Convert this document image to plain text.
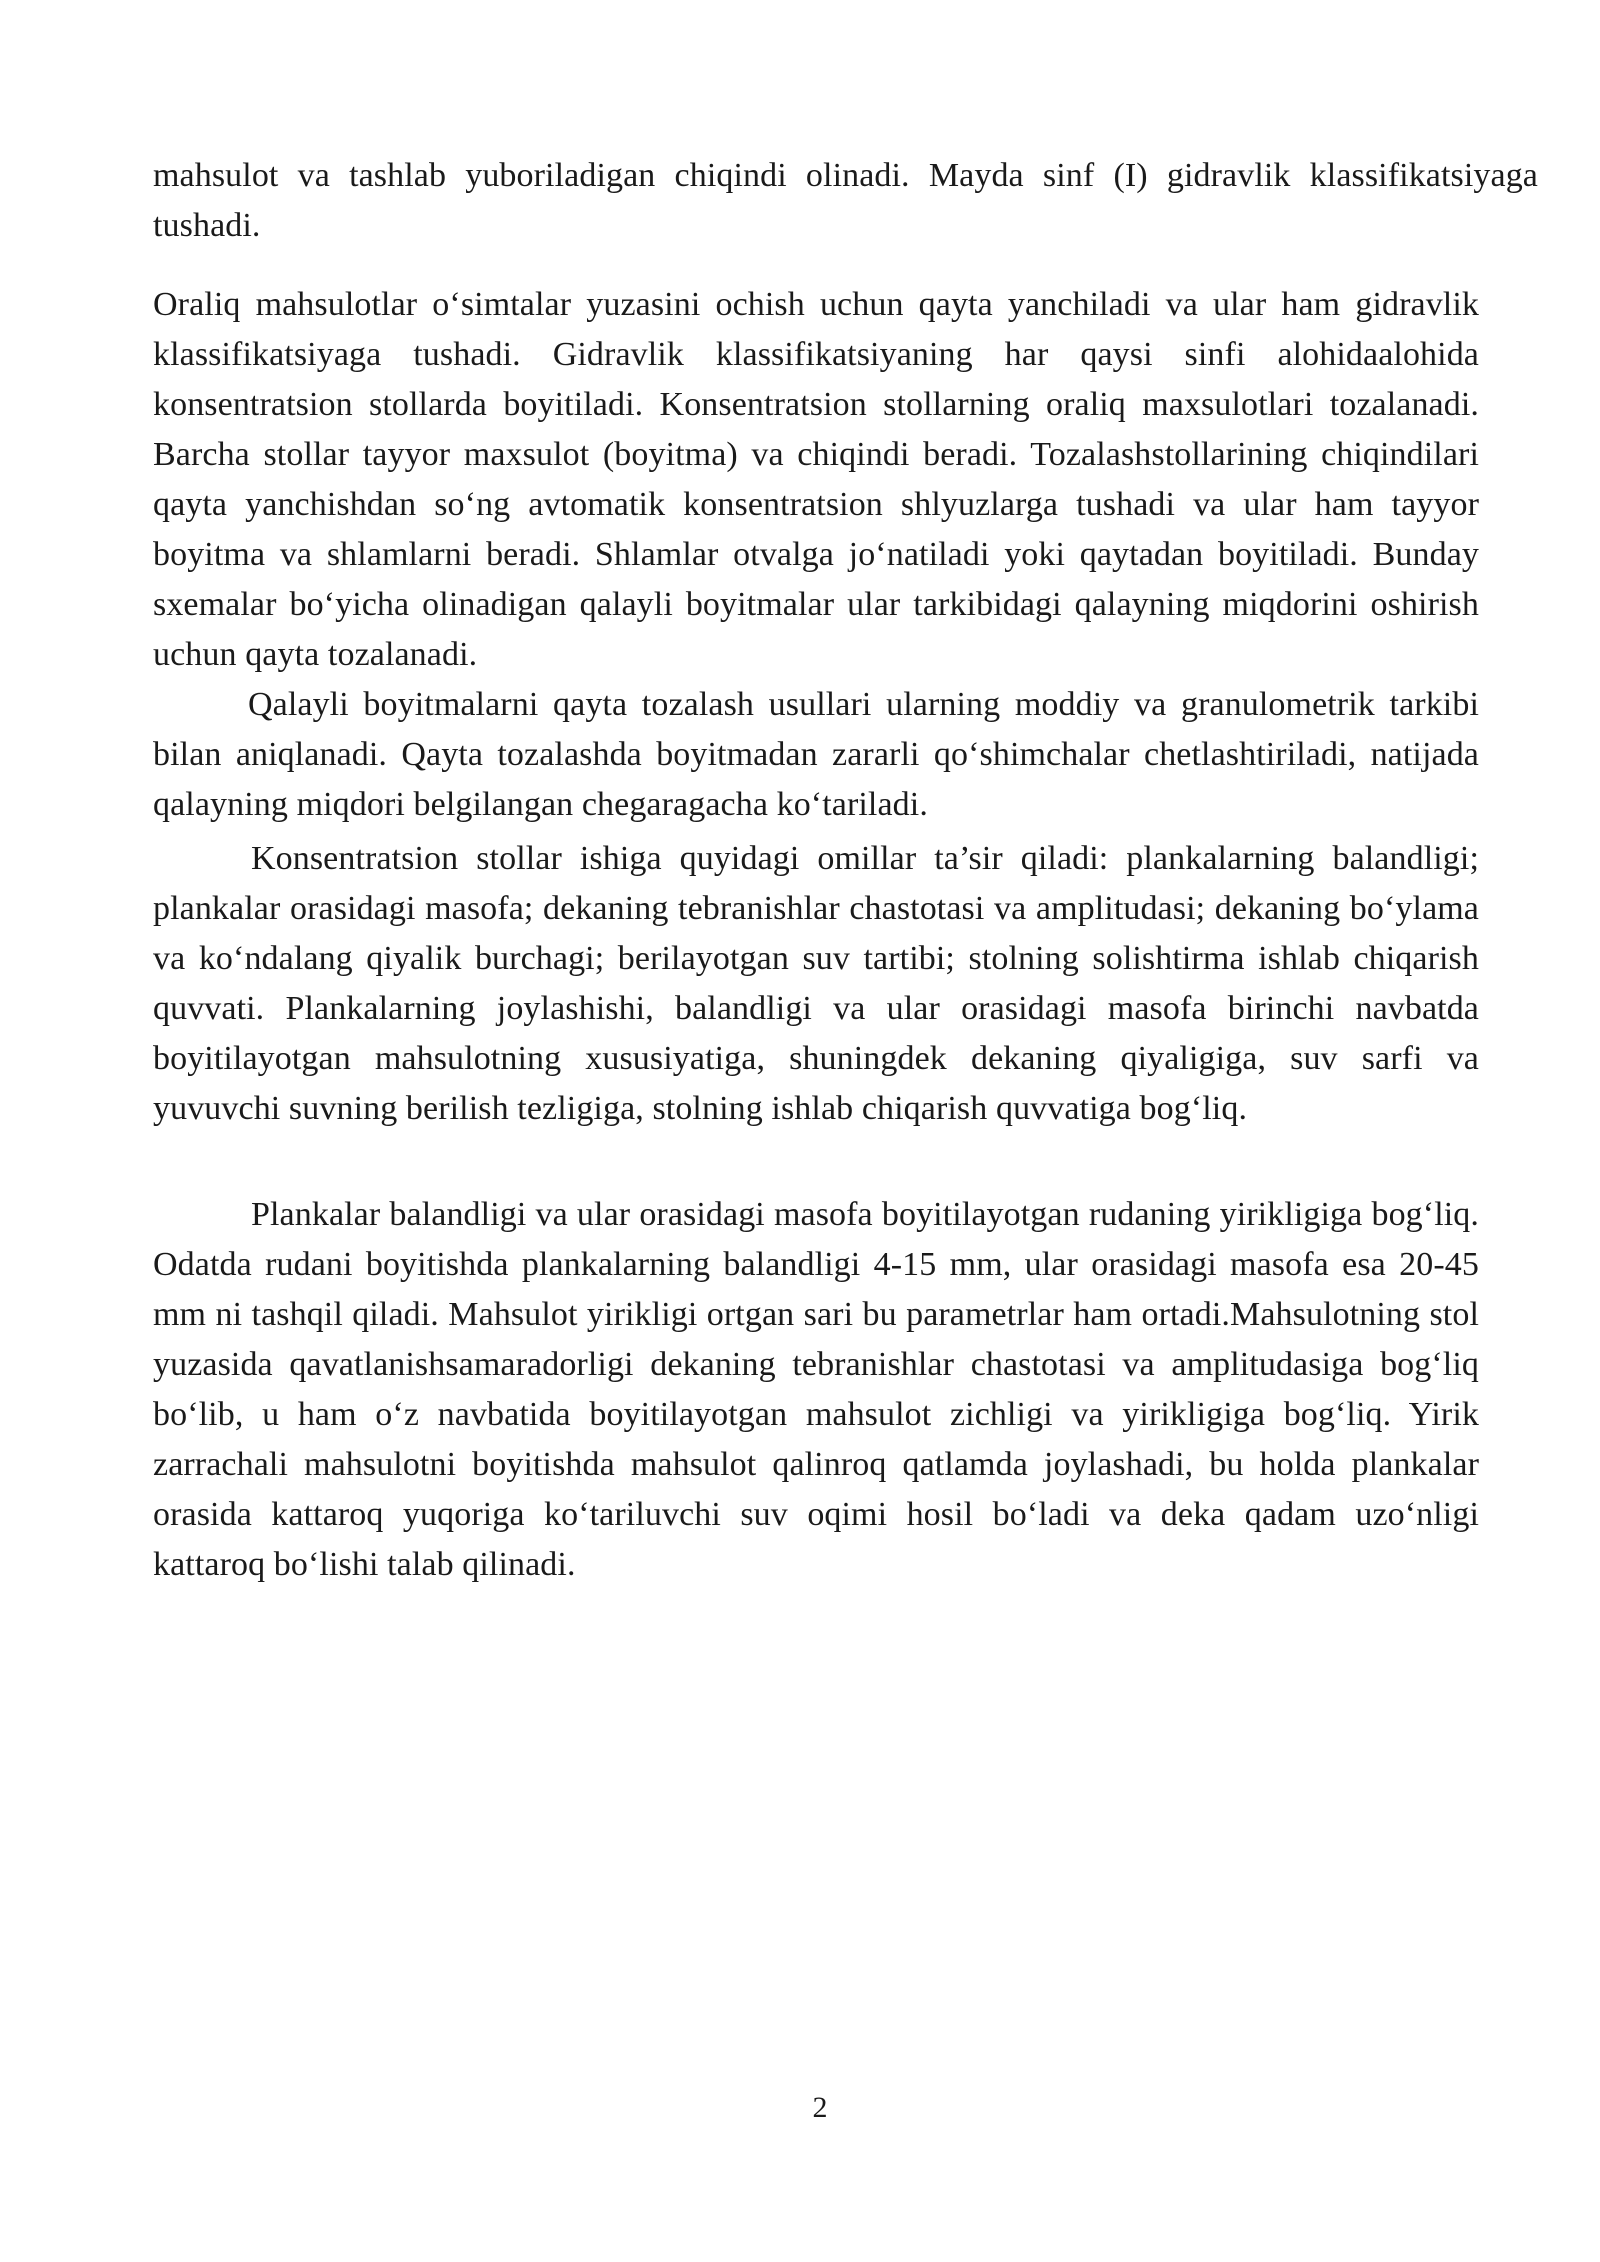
mahsulot va tashlab yuboriladigan chiqindi olinadi. Mayda sinf (I) gidravlik klassifikatsiyaga tushadi.

Oraliq mahsulotlar o‘simtalar yuzasini ochish uchun qayta yanchiladi va ular ham gidravlik klassifikatsiyaga tushadi. Gidravlik klassifikatsiyaning har qaysi sinfi alohidaalohida konsentratsion stollarda boyitiladi. Konsentratsion stollarning oraliq maxsulotlari tozalanadi. Barcha stollar tayyor maxsulot (boyitma) va chiqindi beradi. Tozalashstollarining chiqindilari qayta yanchishdan so‘ng avtomatik konsentratsion shlyuzlarga tushadi va ular ham tayyor boyitma va shlamlarni beradi. Shlamlar otvalga jo‘natiladi yoki qaytadan boyitiladi. Bunday sxemalar bo‘yicha olinadigan qalayli boyitmalar ular tarkibidagi qalayning miqdorini oshirish uchun qayta tozalanadi.

Qalayli boyitmalarni qayta tozalash usullari ularning moddiy va granulometrik tarkibi bilan aniqlanadi. Qayta tozalashda boyitmadan zararli qo‘shimchalar chetlashtiriladi, natijada qalayning miqdori belgilangan chegaragacha ko‘tariladi.

Konsentratsion stollar ishiga quyidagi omillar ta’sir qiladi: plankalarning balandligi; plankalar orasidagi masofa; dekaning tebranishlar chastotasi va amplitudasi; dekaning bo‘ylama va ko‘ndalang qiyalik burchagi; berilayotgan suv tartibi; stolning solishtirma ishlab chiqarish quvvati. Plankalarning joylashishi, balandligi va ular orasidagi masofa birinchi navbatda boyitilayotgan mahsulotning xususiyatiga, shuningdek dekaning qiyaligiga, suv sarfi va yuvuvchi suvning berilish tezligiga, stolning ishlab chiqarish quvvatiga bog‘liq.

Plankalar balandligi va ular orasidagi masofa boyitilayotgan rudaning yirikligiga bog‘liq. Odatda rudani boyitishda plankalarning balandligi 4-15 mm, ular orasidagi masofa esa 20-45 mm ni tashqil qiladi. Mahsulot yirikligi ortgan sari bu parametrlar ham ortadi.Mahsulotning stol yuzasida qavatlanishsamaradorligi dekaning tebranishlar chastotasi va amplitudasiga bog‘liq bo‘lib, u ham o‘z navbatida boyitilayotgan mahsulot zichligi va yirikligiga bog‘liq. Yirik zarrachali mahsulotni boyitishda mahsulot qalinroq qatlamda joylashadi, bu holda plankalar orasida kattaroq yuqoriga ko‘tariluvchi suv oqimi hosil bo‘ladi va deka qadam uzo‘nligi kattaroq bo‘lishi talab qilinadi.

2
